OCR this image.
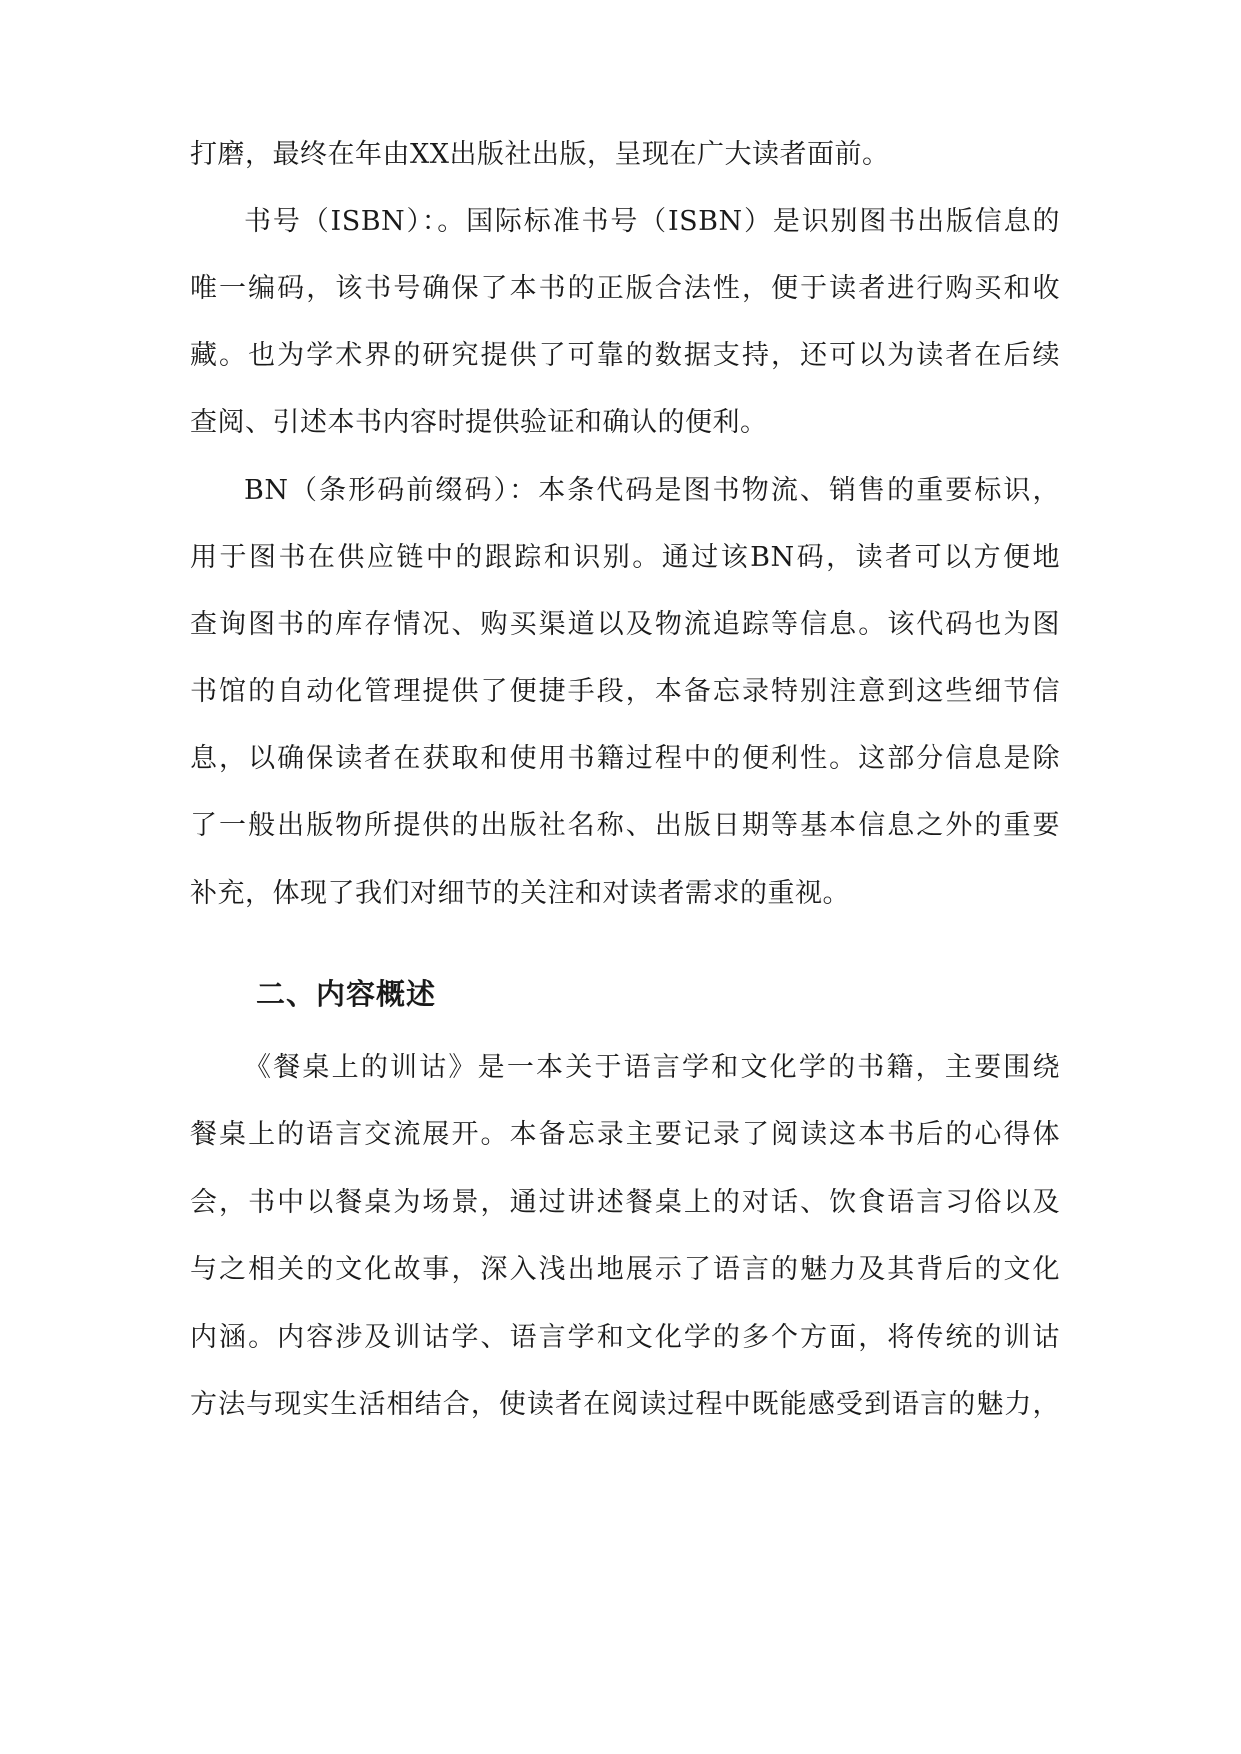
打磨，最终在年由XX出版社出版，呈现在广大读者面前。
书号（ISBN）：。国际标准书号（ISBN）是识别图书出版信息的
唯一编码，该书号确保了本书的正版合法性，便于读者进行购买和收
藏。也为学术界的研究提供了可靠的数据支持，还可以为读者在后续
查阅、引述本书内容时提供验证和确认的便利。
BN（条形码前缀码）：本条代码是图书物流、销售的重要标识，
用于图书在供应链中的跟踪和识别。通过该BN码，读者可以方便地
查询图书的库存情况、购买渠道以及物流追踪等信息。该代码也为图
书馆的自动化管理提供了便捷手段，本备忘录特别注意到这些细节信
息，以确保读者在获取和使用书籍过程中的便利性。这部分信息是除
了一般出版物所提供的出版社名称、出版日期等基本信息之外的重要
补充，体现了我们对细节的关注和对读者需求的重视。
二、内容概述
《餐桌上的训诂》是一本关于语言学和文化学的书籍，主要围绕
餐桌上的语言交流展开。本备忘录主要记录了阅读这本书后的心得体
会，书中以餐桌为场景，通过讲述餐桌上的对话、饮食语言习俗以及
与之相关的文化故事，深入浅出地展示了语言的魅力及其背后的文化
内涵。内容涉及训诂学、语言学和文化学的多个方面，将传统的训诂
方法与现实生活相结合，使读者在阅读过程中既能感受到语言的魅力，
